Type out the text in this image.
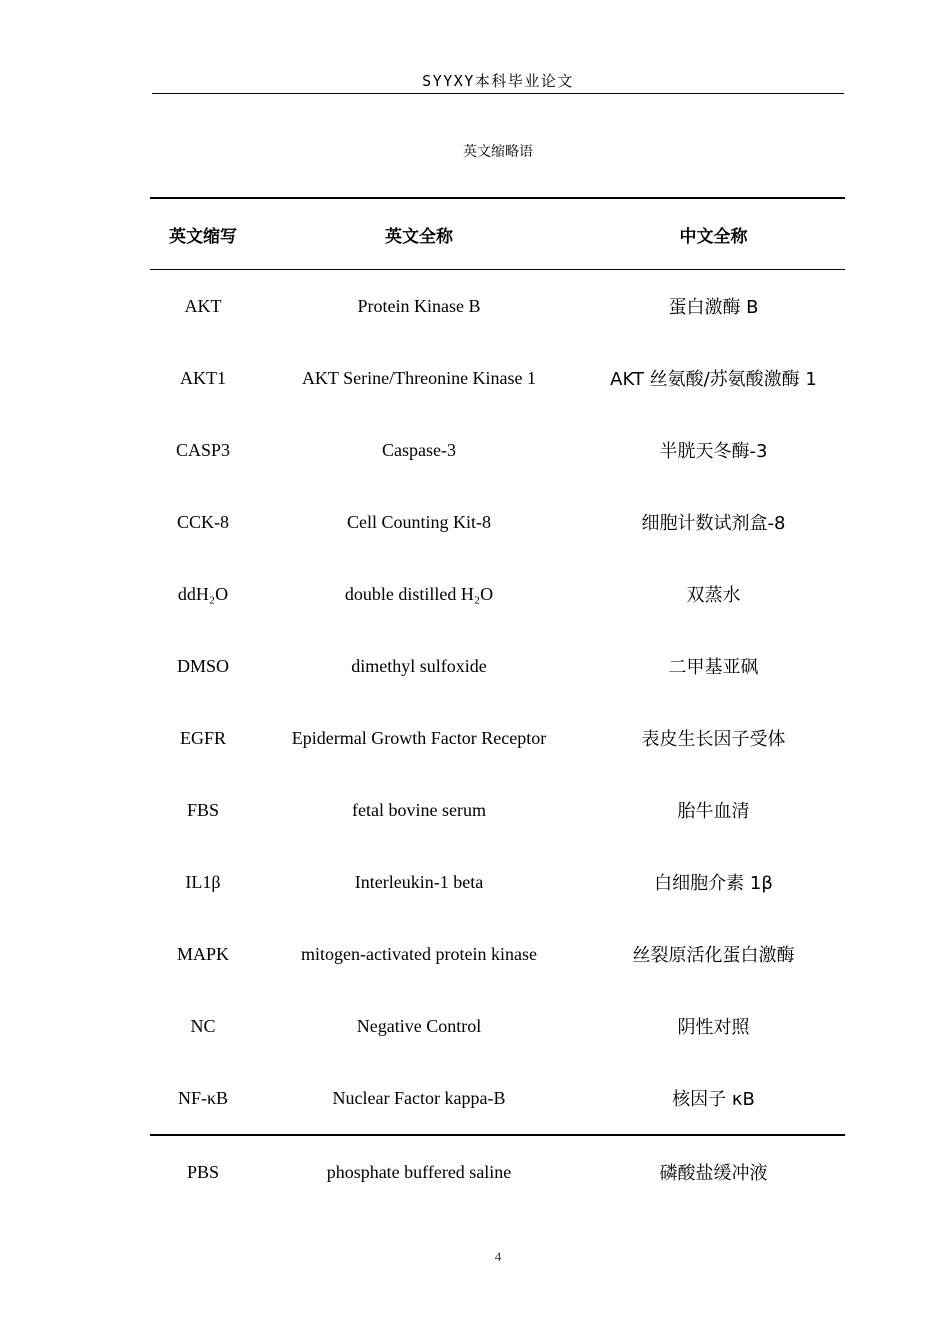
SYYXY本科毕业论文
英文缩略语
英文缩写	英文全称	中文全称
AKT	Protein Kinase B	蛋白激酶 B
AKT1	AKT Serine/Threonine Kinase 1	AKT 丝氨酸/苏氨酸激酶 1
CASP3	Caspase-3	半胱天冬酶-3
CCK-8	Cell Counting Kit-8	细胞计数试剂盒-8
ddH₂O	double distilled H₂O	双蒸水
DMSO	dimethyl sulfoxide	二甲基亚砜
EGFR	Epidermal Growth Factor Receptor	表皮生长因子受体
FBS	fetal bovine serum	胎牛血清
IL1β	Interleukin-1 beta	白细胞介素 1β
MAPK	mitogen-activated protein kinase	丝裂原活化蛋白激酶
NC	Negative Control	阴性对照
NF-κB	Nuclear Factor kappa-B	核因子 κB
PBS	phosphate buffered saline	磷酸盐缓冲液
4
